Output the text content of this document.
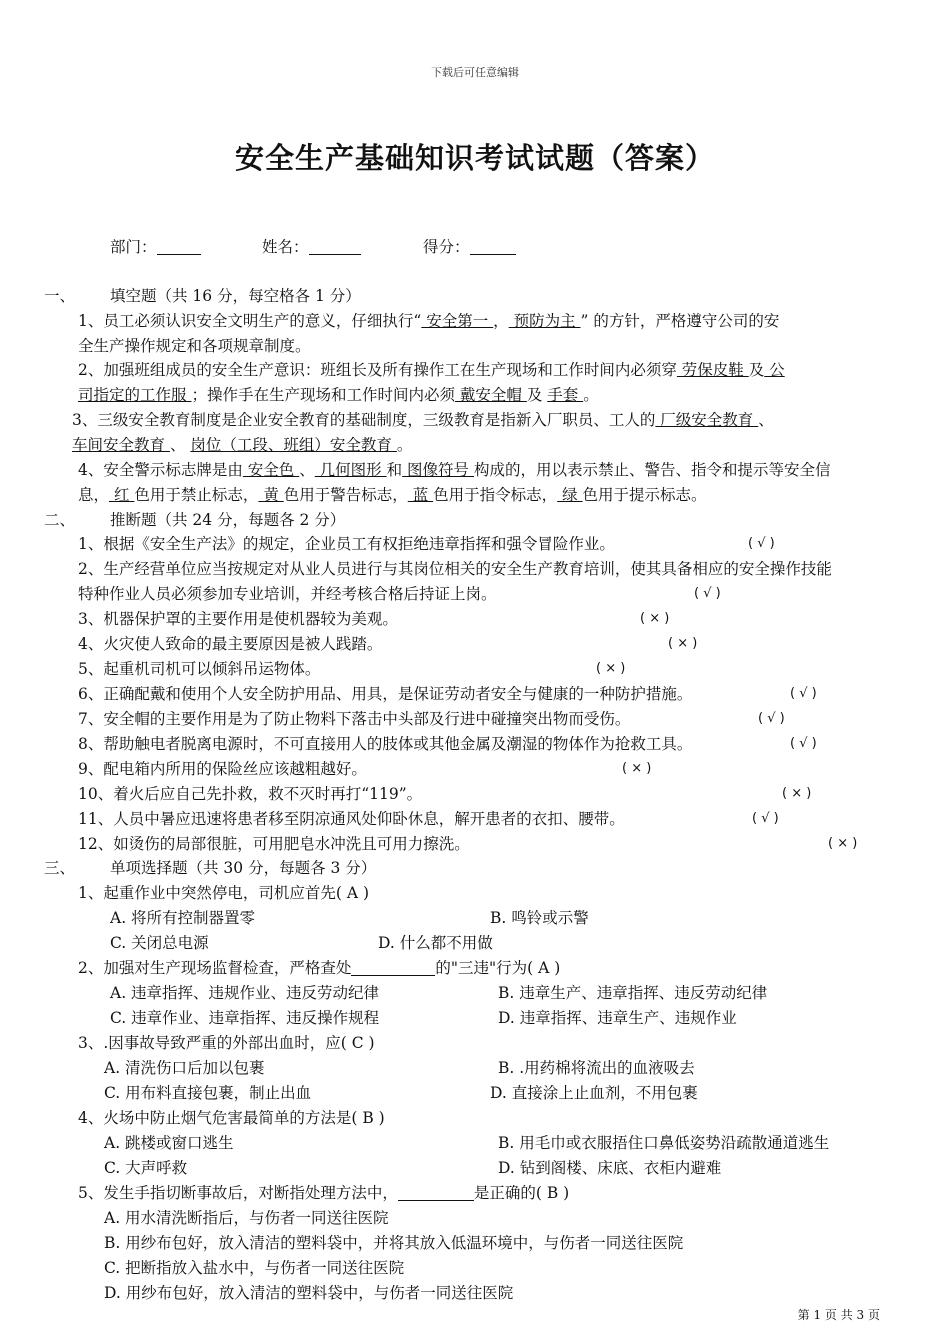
下载后可任意编辑
安全生产基础知识考试试题（答案）
部门：	姓名：	得分：
一、 填空题（共 16 分，每空格各 1 分）
1、员工必须认识安全文明生产的意义，仔细执行“ 安全第一 ， 预防为主 ” 的方针，严格遵守公司的安
全生产操作规定和各项规章制度。
2、加强班组成员的安全生产意识：班组长及所有操作工在生产现场和工作时间内必须穿 劳保皮鞋 及 公
司指定的工作服 ；操作手在生产现场和工作时间内必须 戴安全帽 及 手套 。
3、三级安全教育制度是企业安全教育的基础制度，三级教育是指新入厂职员、工人的 厂级安全教育 、
车间安全教育 、 岗位（工段、班组）安全教育 。
4、安全警示标志牌是由 安全色 、 几何图形 和 图像符号 构成的，用以表示禁止、警告、指令和提示等安全信
息， 红 色用于禁止标志， 黄 色用于警告标志， 蓝 色用于指令标志， 绿 色用于提示标志。
二、 推断题（共 24 分，每题各 2 分）
1、根据《安全生产法》的规定，企业员工有权拒绝违章指挥和强令冒险作业。	( √ )
2、生产经营单位应当按规定对从业人员进行与其岗位相关的安全生产教育培训，使其具备相应的安全操作技能
特种作业人员必须参加专业培训，并经考核合格后持证上岗。	( √ )
3、机器保护罩的主要作用是使机器较为美观。	( × )
4、火灾使人致命的最主要原因是被人践踏。	( × )
5、起重机司机可以倾斜吊运物体。	( × )
6、正确配戴和使用个人安全防护用品、用具，是保证劳动者安全与健康的一种防护措施。	( √ )
7、安全帽的主要作用是为了防止物料下落击中头部及行进中碰撞突出物而受伤。	( √ )
8、帮助触电者脱离电源时，不可直接用人的肢体或其他金属及潮湿的物体作为抢救工具。	( √ )
9、配电箱内所用的保险丝应该越粗越好。	( × )
10、着火后应自己先扑救，救不灭时再打“119”。	( × )
11、人员中暑应迅速将患者移至阴凉通风处仰卧休息，解开患者的衣扣、腰带。	( √ )
12、如烫伤的局部很脏，可用肥皂水冲洗且可用力擦洗。	( × )
三、 单项选择题（共 30 分，每题各 3 分）
1、起重作业中突然停电，司机应首先( A )
A. 将所有控制器置零	B. 鸣铃或示警
C. 关闭总电源	D. 什么都不用做
2、加强对生产现场监督检查，严格查处	的"三违"行为( A )
A. 违章指挥、违规作业、违反劳动纪律	B. 违章生产、违章指挥、违反劳动纪律
C. 违章作业、违章指挥、违反操作规程	D. 违章指挥、违章生产、违规作业
3、.因事故导致严重的外部出血时，应( C )
A. 清洗伤口后加以包裹	B. .用药棉将流出的血液吸去
C. 用布料直接包裹，制止出血	D. 直接涂上止血剂，不用包裹
4、火场中防止烟气危害最简单的方法是( B )
A. 跳楼或窗口逃生	B. 用毛巾或衣服捂住口鼻低姿势沿疏散通道逃生
C. 大声呼救	D. 钻到阁楼、床底、衣柜内避难
5、发生手指切断事故后，对断指处理方法中，	是正确的( B )
A. 用水清洗断指后，与伤者一同送往医院
B. 用纱布包好，放入清洁的塑料袋中，并将其放入低温环境中，与伤者一同送往医院
C. 把断指放入盐水中，与伤者一同送往医院
D. 用纱布包好，放入清洁的塑料袋中，与伤者一同送往医院
第 1 页 共 3 页
